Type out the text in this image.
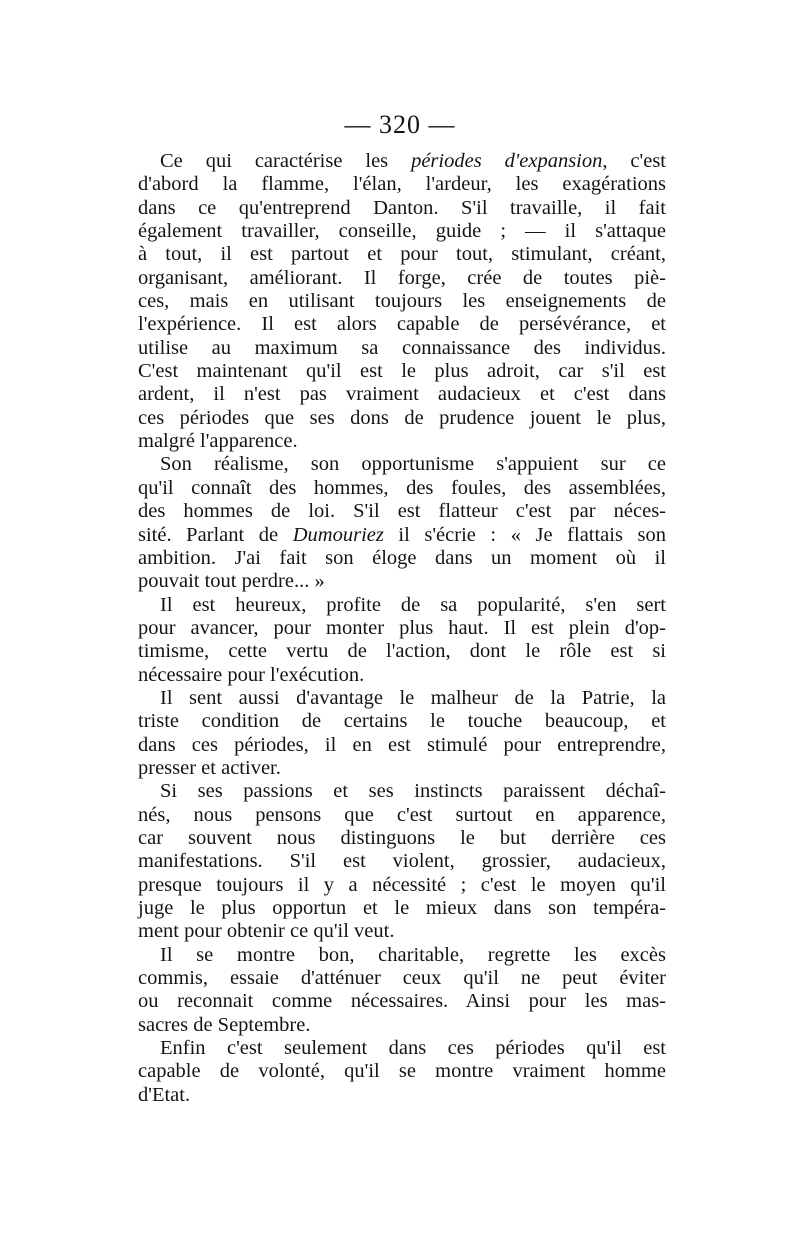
— 320 —
Ce qui caractérise les périodes d'expansion, c'est
d'abord la flamme, l'élan, l'ardeur, les exagérations
dans ce qu'entreprend Danton. S'il travaille, il fait
également travailler, conseille, guide ; — il s'attaque
à tout, il est partout et pour tout, stimulant, créant,
organisant, améliorant. Il forge, crée de toutes piè-
ces, mais en utilisant toujours les enseignements de
l'expérience. Il est alors capable de persévérance, et
utilise au maximum sa connaissance des individus.
C'est maintenant qu'il est le plus adroit, car s'il est
ardent, il n'est pas vraiment audacieux et c'est dans
ces périodes que ses dons de prudence jouent le plus,
malgré l'apparence.
Son réalisme, son opportunisme s'appuient sur ce
qu'il connaît des hommes, des foules, des assemblées,
des hommes de loi. S'il est flatteur c'est par néces-
sité. Parlant de Dumouriez il s'écrie : « Je flattais son
ambition. J'ai fait son éloge dans un moment où il
pouvait tout perdre... »
Il est heureux, profite de sa popularité, s'en sert
pour avancer, pour monter plus haut. Il est plein d'op-
timisme, cette vertu de l'action, dont le rôle est si
nécessaire pour l'exécution.
Il sent aussi d'avantage le malheur de la Patrie, la
triste condition de certains le touche beaucoup, et
dans ces périodes, il en est stimulé pour entreprendre,
presser et activer.
Si ses passions et ses instincts paraissent déchaî-
nés, nous pensons que c'est surtout en apparence,
car souvent nous distinguons le but derrière ces
manifestations. S'il est violent, grossier, audacieux,
presque toujours il y a nécessité ; c'est le moyen qu'il
juge le plus opportun et le mieux dans son tempéra-
ment pour obtenir ce qu'il veut.
Il se montre bon, charitable, regrette les excès
commis, essaie d'atténuer ceux qu'il ne peut éviter
ou reconnait comme nécessaires. Ainsi pour les mas-
sacres de Septembre.
Enfin c'est seulement dans ces périodes qu'il est
capable de volonté, qu'il se montre vraiment homme
d'Etat.
